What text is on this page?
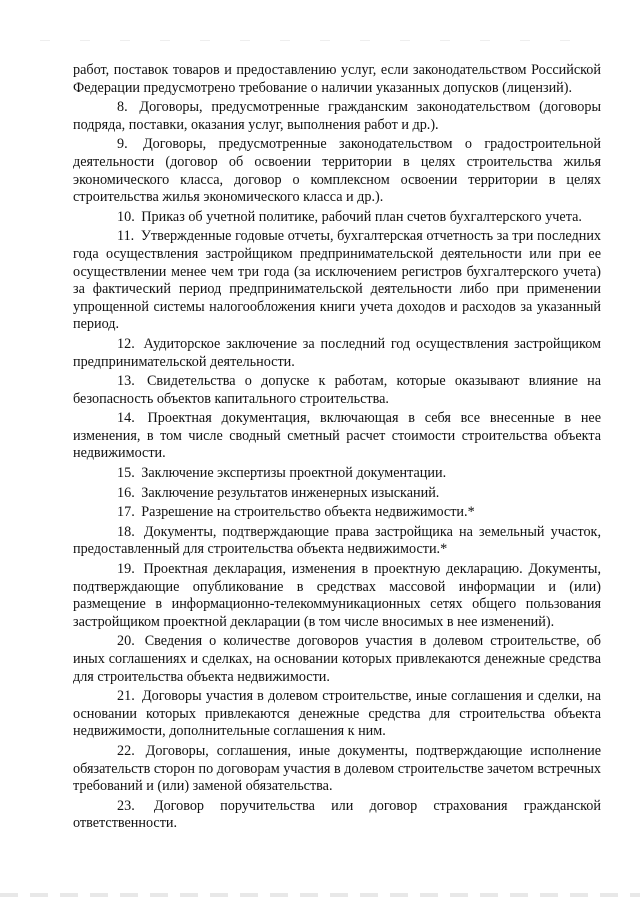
работ, поставок товаров и предоставлению услуг, если законодательством Российской Федерации предусмотрено требование о наличии указанных допусков (лицензий).

8. Договоры, предусмотренные гражданским законодательством (договоры подряда, поставки, оказания услуг, выполнения работ и др.).

9. Договоры, предусмотренные законодательством о градостроительной деятельности (договор об освоении территории в целях строительства жилья экономического класса, договор о комплексном освоении территории в целях строительства жилья экономического класса и др.).

10. Приказ об учетной политике, рабочий план счетов бухгалтерского учета.

11. Утвержденные годовые отчеты, бухгалтерская отчетность за три последних года осуществления застройщиком предпринимательской деятельности или при ее осуществлении менее чем три года (за исключением регистров бухгалтерского учета) за фактический период предпринимательской деятельности либо при применении упрощенной системы налогообложения книги учета доходов и расходов за указанный период.

12. Аудиторское заключение за последний год осуществления застройщиком предпринимательской деятельности.

13. Свидетельства о допуске к работам, которые оказывают влияние на безопасность объектов капитального строительства.

14. Проектная документация, включающая в себя все внесенные в нее изменения, в том числе сводный сметный расчет стоимости строительства объекта недвижимости.

15. Заключение экспертизы проектной документации.

16. Заключение результатов инженерных изысканий.

17. Разрешение на строительство объекта недвижимости.*

18. Документы, подтверждающие права застройщика на земельный участок, предоставленный для строительства объекта недвижимости.*

19. Проектная декларация, изменения в проектную декларацию. Документы, подтверждающие опубликование в средствах массовой информации и (или) размещение в информационно-телекоммуникационных сетях общего пользования застройщиком проектной декларации (в том числе вносимых в нее изменений).

20. Сведения о количестве договоров участия в долевом строительстве, об иных соглашениях и сделках, на основании которых привлекаются денежные средства для строительства объекта недвижимости.

21. Договоры участия в долевом строительстве, иные соглашения и сделки, на основании которых привлекаются денежные средства для строительства объекта недвижимости, дополнительные соглашения к ним.

22. Договоры, соглашения, иные документы, подтверждающие исполнение обязательств сторон по договорам участия в долевом строительстве зачетом встречных требований и (или) заменой обязательства.

23. Договор поручительства или договор страхования гражданской ответственности.
